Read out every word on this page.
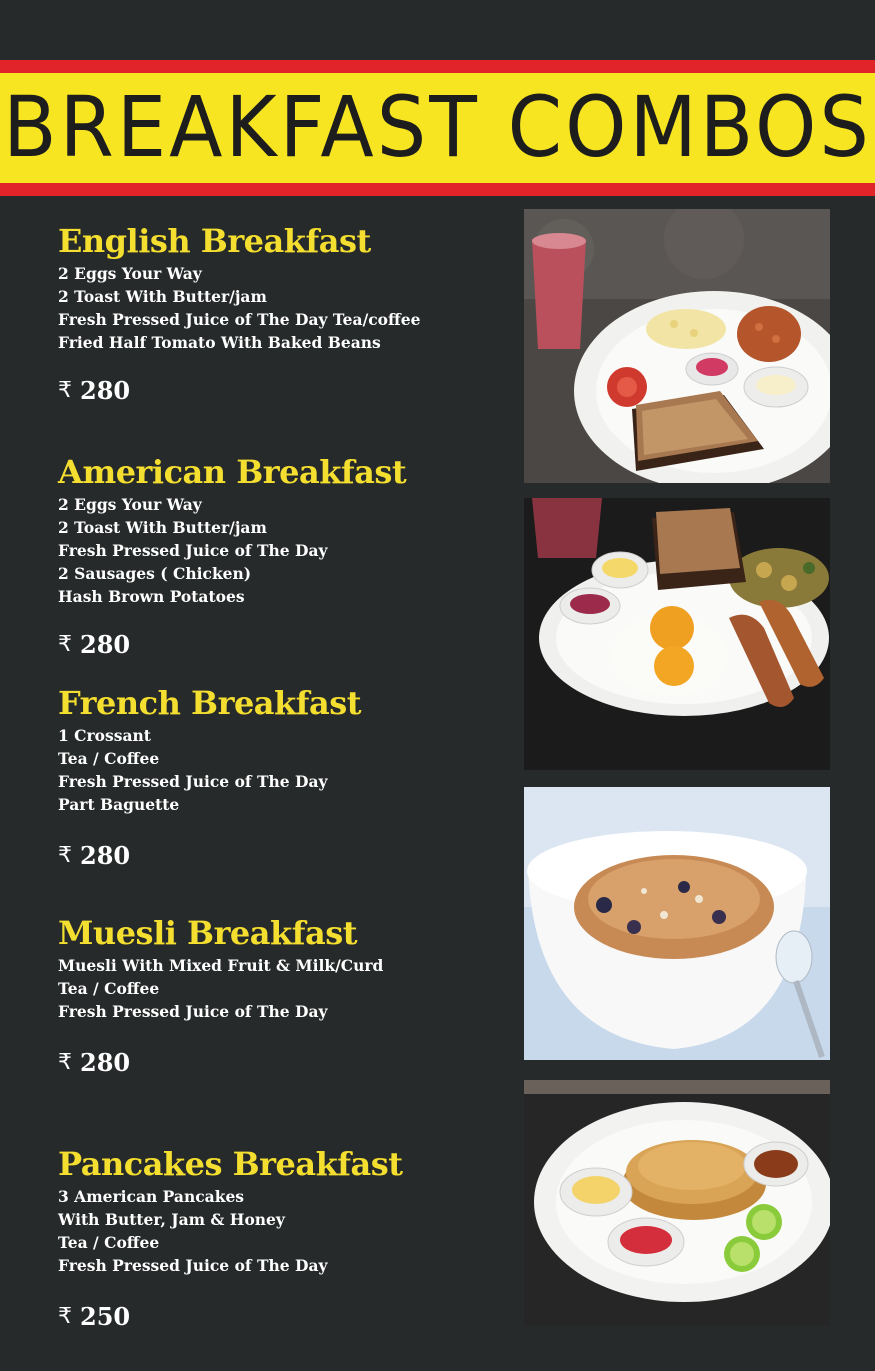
BREAKFAST COMBOS
English Breakfast
2 Eggs Your Way
2 Toast With Butter/jam
Fresh Pressed Juice of The Day Tea/coffee
Fried Half Tomato With Baked Beans
₹ 280
American Breakfast
2 Eggs Your Way
2 Toast With Butter/jam
Fresh Pressed Juice of The Day
2 Sausages ( Chicken)
Hash Brown Potatoes
₹ 280
French Breakfast
1 Crossant
Tea / Coffee
Fresh Pressed Juice of The Day
Part Baguette
₹ 280
Muesli Breakfast
Muesli With Mixed Fruit & Milk/Curd
Tea / Coffee
Fresh Pressed Juice of The Day
₹ 280
Pancakes Breakfast
3 American Pancakes
With Butter, Jam & Honey
Tea / Coffee
Fresh Pressed Juice of The Day
₹ 250
